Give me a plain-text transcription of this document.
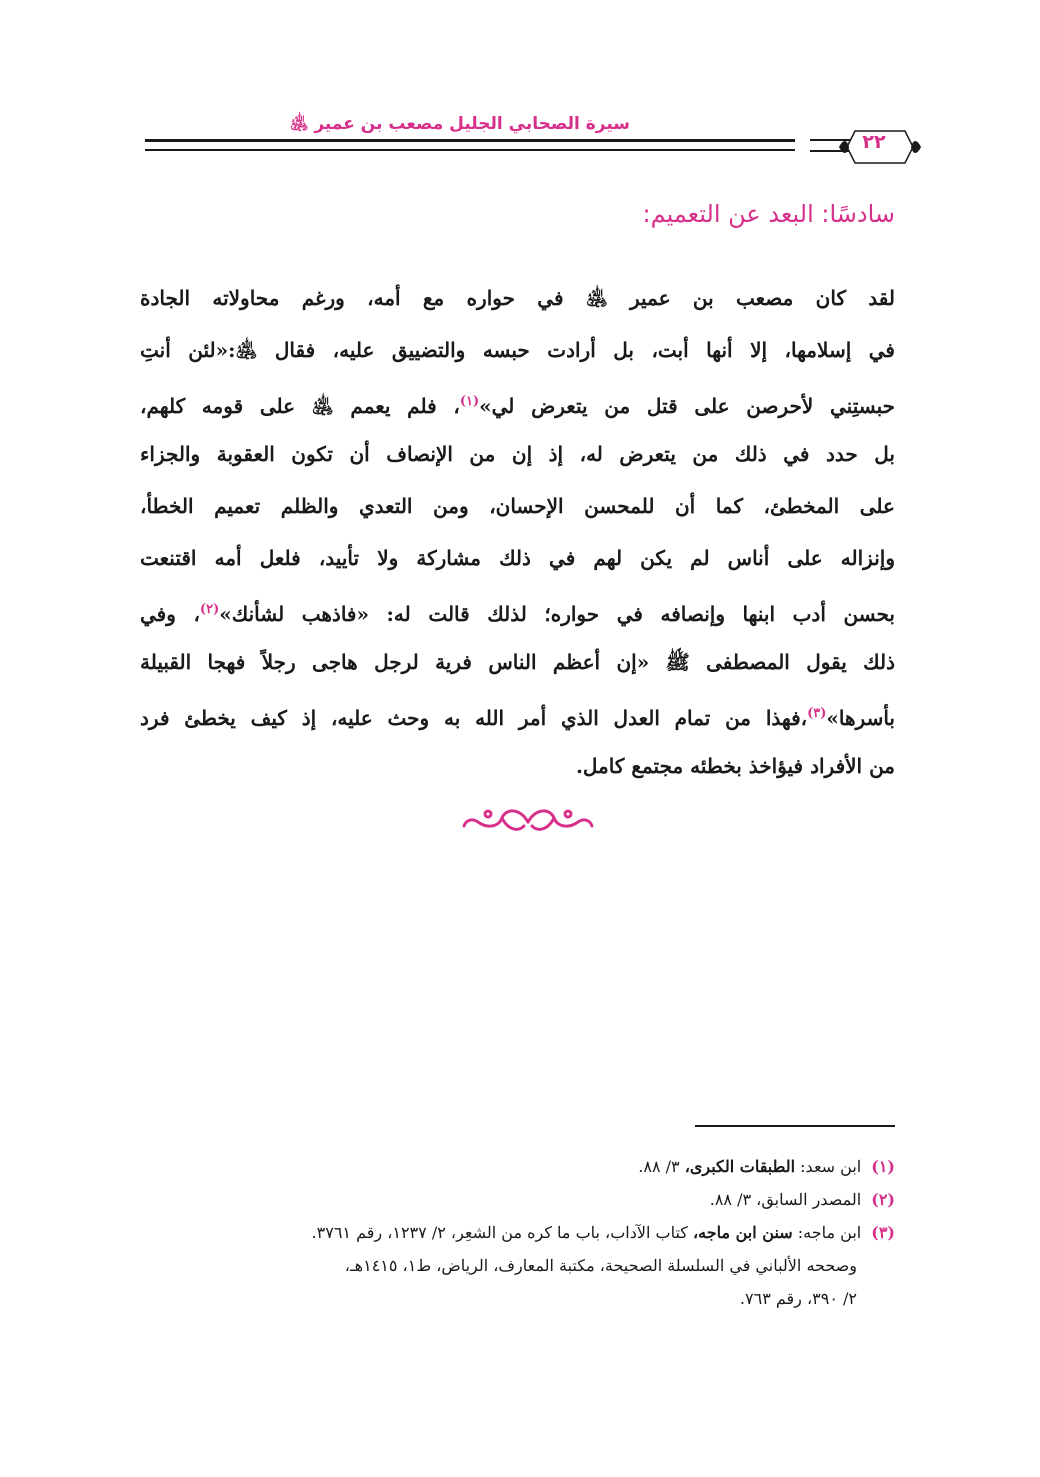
سيرة الصحابي الجليل مصعب بن عمير ﵁
٢٢
سادسًا: البعد عن التعميم:
لقد كان مصعب بن عمير ﵁ في حواره مع أمه، ورغم محاولاته الجادة
في إسلامها، إلا أنها أبت، بل أرادت حبسه والتضييق عليه، فقال ﵁:«لئن أنتِ
حبستِني لأحرصن على قتل من يتعرض لي»$^{(١)}$، فلم يعمم ﵁ على قومه كلهم،
بل حدد في ذلك من يتعرض له، إذ إن من الإنصاف أن تكون العقوبة والجزاء
على المخطئ، كما أن للمحسن الإحسان، ومن التعدي والظلم تعميم الخطأ،
وإنزاله على أناس لم يكن لهم في ذلك مشاركة ولا تأييد، فلعل أمه اقتنعت
بحسن أدب ابنها وإنصافه في حواره؛ لذلك قالت له: «فاذهب لشأنك»$^{(٢)}$، وفي
ذلك يقول المصطفى ﷺ «إن أعظم الناس فرية لرجل هاجى رجلاً فهجا القبيلة
بأسرها»$^{(٣)}$،فهذا من تمام العدل الذي أمر الله به وحث عليه، إذ كيف يخطئ فرد
من الأفراد فيؤاخذ بخطئه مجتمع كامل.
(١)ابن سعد: الطبقات الكبرى، ٣/ ٨٨.
(٢)المصدر السابق، ٣/ ٨٨.
(٣)ابن ماجه: سنن ابن ماجه، كتاب الآداب، باب ما كره من الشعِر، ٢/ ١٢٣٧، رقم ٣٧٦١.
وصححه الألباني في السلسلة الصحيحة، مكتبة المعارف، الرياض، ط١، ١٤١٥هـ،
٢/ ٣٩٠، رقم ٧٦٣.
